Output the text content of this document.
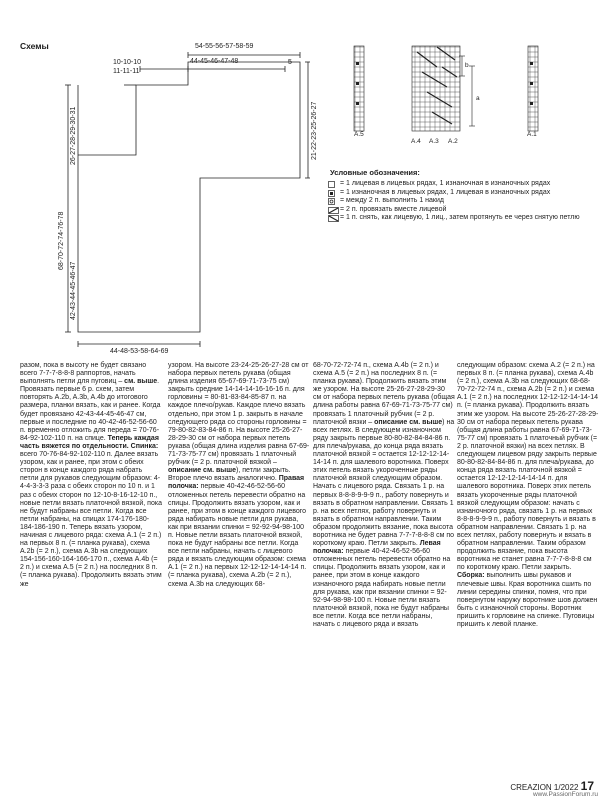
Схемы	54-55-56-57-58-59
10-10-10	44-45-46-47-48	5
11-11-11
68-70-72-74-76-78
26-27-28-29-30-31
42-43-44-45-46-47
21-22-23-25-26-27
44-48-53-58-64-69
b
a
A.5
A.4 A.3 A.2
A.1
Условные обозначения:
= 1 лицевая в лицевых рядах, 1 изнаночная в изнаночных рядах
= 1 изнаночная в лицевых рядах, 1 лицевая в изнаночных рядах
= между 2 п. выполнить 1 накид
= 2 п. провязать вместе лицевой
= 1 п. снять, как лицевую, 1 лиц., затем протянуть ее через снятую петлю

разом, пока в высоту не будет связано всего 7-7-7-8-8-8 раппортов, начать выполнять петли для пуговиц – см. выше. Провязать первые 6 р. схем, затем повторять A.2b, A.3b, A.4b до итогового размера, планки вязать, как и ранее. Когда будет провязано 42-43-44-45-46-47 см, первые и последние по 40-42-46-52-56-60 п. временно отложить для переда = 70-76-84-92-102-110 п. на спице. Теперь каждая часть вяжется по отдельности. Спинка: всего 70-76-84-92-102-110 п. Далее вязать узором, как и ранее, при этом с обеих сторон в конце каждого ряда набрать петли для рукавов следующим образом: 4-4-4-3-3-3 раза с обеих сторон по 10 п. и 1 раз с обеих сторон по 12-10-8-16-12-10 п., новые петли вязать платочной вязкой, пока не будут набраны все петли. Когда все петли набраны, на спицах 174-176-180-184-186-190 п. Теперь вязать узором, начиная с лицевого ряда: схема A.1 (= 2 п.) на первых 8 п. (= планка рукава), схема A.2b (= 2 п.), схема A.3b на следующих 154-156-160-164-166-170 п., схема A.4b (= 2 п.) и схема A.5 (= 2 п.) на последних 8 п. (= планка рукава). Продолжить вязать этим же

узором. На высоте 23-24-25-26-27-28 см от набора первых петель рукава (общая длина изделия 65-67-69-71-73-75 см) закрыть средние 14-14-14-16-16-16 п. для горловины = 80-81-83-84-85-87 п. на каждое плечо/рукав. Каждое плечо вязать отдельно, при этом 1 р. закрыть в начале следующего ряда со стороны горловины = 79-80-82-83-84-86 п. На высоте 25-26-27-28-29-30 см от набора первых петель рукава (общая длина изделия равна 67-69-71-73-75-77 см) провязать 1 платочный рубчик (= 2 р. платочной вязкой – описание см. выше), петли закрыть. Второе плечо вязать аналогично. Правая полочка: первые 40-42-46-52-56-60 отложенных петель перевести обратно на спицы. Продолжить вязать узором, как и ранее, при этом в конце каждого лицевого ряда набирать новые петли для рукава, как при вязании спинки = 92-92-94-98-100 п. Новые петли вязать платочной вязкой, пока не будут набраны все петли. Когда все петли набраны, начать с лицевого ряда и вязать следующим образом: схема A.1 (= 2 п.) на первых 12-12-12-14-14-14 п. (= планка рукава), схема A.2b (= 2 п.), схема A.3b на следующих 68-

68-70-72-72-74 п., схема A.4b (= 2 п.) и схема A.5 (= 2 п.) на последних 8 п. (= планка рукава). Продолжить вязать этим же узором. На высоте 25-26-27-28-29-30 см от набора первых петель рукава (общая длина работы равна 67-69-71-73-75-77 см) провязать 1 платочный рубчик (= 2 р. платочной вязки – описание см. выше) на всех петлях. В следующем изнаночном ряду закрыть первые 80-80-82-84-84-86 п. для плеча/рукава, до конца ряда вязать платочной вязкой = остается 12-12-12-14-14-14 п. для шалевого воротника. Поверх этих петель вязать укороченные ряды платочной вязкой следующим образом. Начать с лицевого ряда. Связать 1 р. на первых 8-8-8-9-9-9 п., работу повернуть и вязать в обратном направлении. Связать 1 р. на всех петлях, работу повернуть и вязать в обратном направлении. Таким образом продолжить вязание, пока высота воротника не будет равна 7-7-7-8-8-8 см по короткому краю. Петли закрыть. Левая полочка: первые 40-42-46-52-56-60 отложенных петель перевести обратно на спицы. Продолжить вязать узором, как и ранее, при этом в конце каждого изнаночного ряда набирать новые петли для рукава, как при вязании спинки = 92-92-94-98-98-100 п. Новые петли вязать платочной вязкой, пока не будут набраны все петли. Когда все петли набраны, начать с лицевого ряда и вязать

следующим образом: схема A.2 (= 2 п.) на первых 8 п. (= планка рукава), схема A.4b (= 2 п.), схема A.3b на следующих 68-68-70-72-72-74 п., схема A.2b (= 2 п.) и схема A.1 (= 2 п.) на последних 12-12-12-14-14-14 п. (= планка рукава). Продолжить вязать этим же узором. На высоте 25-26-27-28-29-30 см от набора первых петель рукава (общая длина работы равна 67-69-71-73-75-77 см) провязать 1 платочный рубчик (= 2 р. платочной вязки) на всех петлях. В следующем лицевом ряду закрыть первые 80-80-82-84-84-86 п. для плеча/рукава, до конца ряда вязать платочной вязкой = остается 12-12-12-14-14-14 п. для шалевого воротника. Поверх этих петель вязать укороченные ряды платочной вязкой следующим образом: начать с изнаночного ряда, связать 1 р. на первых 8-8-8-9-9-9 п., работу повернуть и вязать в обратном направлении. Связать 1 р. на всех петлях, работу повернуть и вязать в обратном направлении. Таким образом продолжить вязание, пока высота воротника не станет равна 7-7-7-8-8-8 см по короткому краю. Петли закрыть. Сборка: выполнить швы рукавов и плечевые швы. Края воротника сшить по линии середины спинки, помня, что при повернутом наружу воротнике шов должен быть с изнаночной стороны. Воротник пришить к горловине на спинке. Пуговицы пришить к левой планке.

CREAZION 1/2022 17
www.PassionForum.ru
